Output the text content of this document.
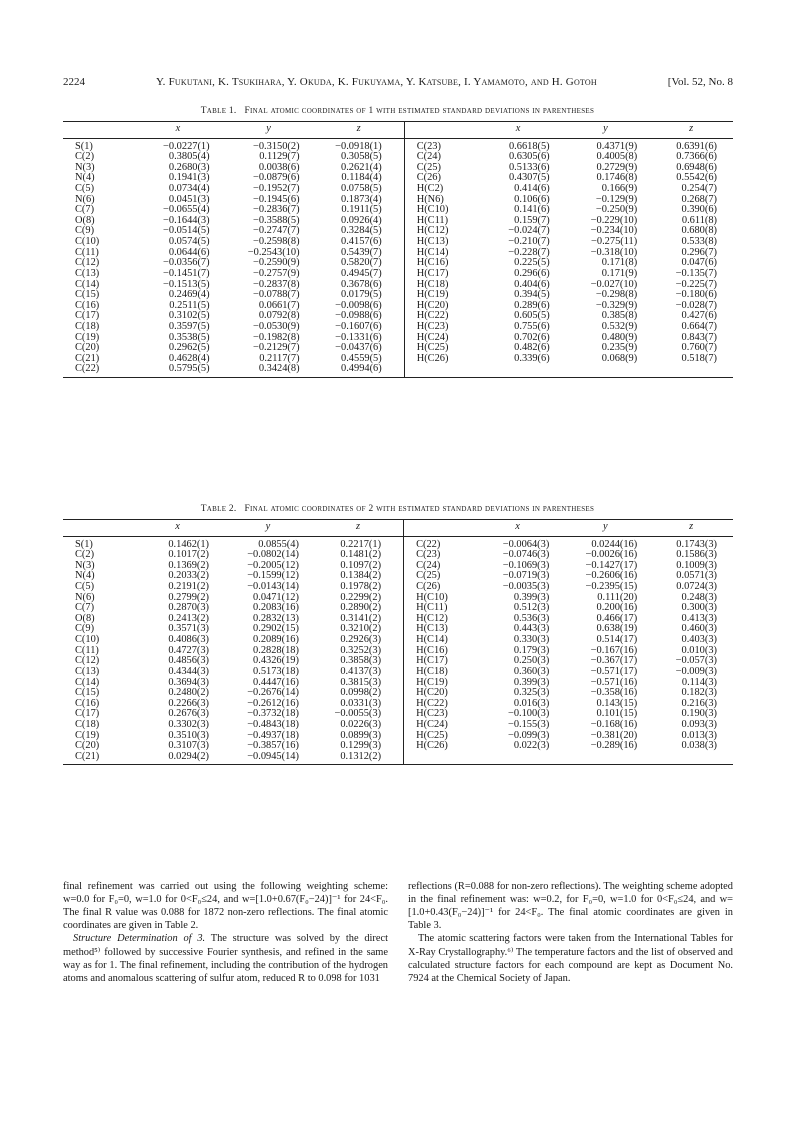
2224	Y. Fukutani, K. Tsukihara, Y. Okuda, K. Fukuyama, Y. Katsube, I. Yamamoto, and H. Gotoh	[Vol. 52, No. 8
Table 1. Final atomic coordinates of 1 with estimated standard deviations in parentheses
	x	y	z		x	y	z
S(1)	−0.0227(1)	−0.3150(2)	−0.0918(1)	C(23)	0.6618(5)	0.4371(9)	0.6391(6)
C(2)	0.3805(4)	0.1129(7)	0.3058(5)	C(24)	0.6305(6)	0.4005(8)	0.7366(6)
N(3)	0.2680(3)	0.0038(6)	0.2621(4)	C(25)	0.5133(6)	0.2729(9)	0.6948(6)
N(4)	0.1941(3)	−0.0879(6)	0.1184(4)	C(26)	0.4307(5)	0.1746(8)	0.5542(6)
C(5)	0.0734(4)	−0.1952(7)	0.0758(5)	H(C2)	0.414(6)	0.166(9)	0.254(7)
N(6)	0.0451(3)	−0.1945(6)	0.1873(4)	H(N6)	0.106(6)	−0.129(9)	0.268(7)
C(7)	−0.0655(4)	−0.2836(7)	0.1911(5)	H(C10)	0.141(6)	−0.250(9)	0.390(6)
O(8)	−0.1644(3)	−0.3588(5)	0.0926(4)	H(C11)	0.159(7)	−0.229(10)	0.611(8)
C(9)	−0.0514(5)	−0.2747(7)	0.3284(5)	H(C12)	−0.024(7)	−0.234(10)	0.680(8)
C(10)	0.0574(5)	−0.2598(8)	0.4157(6)	H(C13)	−0.210(7)	−0.275(11)	0.533(8)
C(11)	0.0644(6)	−0.2543(10)	0.5439(7)	H(C14)	−0.228(7)	−0.318(10)	0.296(7)
C(12)	−0.0356(7)	−0.2590(9)	0.5820(7)	H(C16)	0.225(5)	0.171(8)	0.047(6)
C(13)	−0.1451(7)	−0.2757(9)	0.4945(7)	H(C17)	0.296(6)	0.171(9)	−0.135(7)
C(14)	−0.1513(5)	−0.2837(8)	0.3678(6)	H(C18)	0.404(6)	−0.027(10)	−0.225(7)
C(15)	0.2469(4)	−0.0788(7)	0.0179(5)	H(C19)	0.394(5)	−0.298(8)	−0.180(6)
C(16)	0.2511(5)	0.0661(7)	−0.0098(6)	H(C20)	0.289(6)	−0.329(9)	−0.028(7)
C(17)	0.3102(5)	0.0792(8)	−0.0988(6)	H(C22)	0.605(5)	0.385(8)	0.427(6)
C(18)	0.3597(5)	−0.0530(9)	−0.1607(6)	H(C23)	0.755(6)	0.532(9)	0.664(7)
C(19)	0.3538(5)	−0.1982(8)	−0.1331(6)	H(C24)	0.702(6)	0.480(9)	0.843(7)
C(20)	0.2962(5)	−0.2129(7)	−0.0437(6)	H(C25)	0.482(6)	0.235(9)	0.760(7)
C(21)	0.4628(4)	0.2117(7)	0.4559(5)	H(C26)	0.339(6)	0.068(9)	0.518(7)
C(22)	0.5795(5)	0.3424(8)	0.4994(6)				
Table 2. Final atomic coordinates of 2 with estimated standard deviations in parentheses
	x	y	z		x	y	z
S(1)	0.1462(1)	0.0855(4)	0.2217(1)	C(22)	−0.0064(3)	0.0244(16)	0.1743(3)
C(2)	0.1017(2)	−0.0802(14)	0.1481(2)	C(23)	−0.0746(3)	−0.0026(16)	0.1586(3)
N(3)	0.1369(2)	−0.2005(12)	0.1097(2)	C(24)	−0.1069(3)	−0.1427(17)	0.1009(3)
N(4)	0.2033(2)	−0.1599(12)	0.1384(2)	C(25)	−0.0719(3)	−0.2606(16)	0.0571(3)
C(5)	0.2191(2)	−0.0143(14)	0.1978(2)	C(26)	−0.0035(3)	−0.2395(15)	0.0724(3)
N(6)	0.2799(2)	0.0471(12)	0.2299(2)	H(C10)	0.399(3)	0.111(20)	0.248(3)
C(7)	0.2870(3)	0.2083(16)	0.2890(2)	H(C11)	0.512(3)	0.200(16)	0.300(3)
O(8)	0.2413(2)	0.2832(13)	0.3141(2)	H(C12)	0.536(3)	0.466(17)	0.413(3)
C(9)	0.3571(3)	0.2902(15)	0.3210(2)	H(C13)	0.443(3)	0.638(19)	0.460(3)
C(10)	0.4086(3)	0.2089(16)	0.2926(3)	H(C14)	0.330(3)	0.514(17)	0.403(3)
C(11)	0.4727(3)	0.2828(18)	0.3252(3)	H(C16)	0.179(3)	−0.167(16)	0.010(3)
C(12)	0.4856(3)	0.4326(19)	0.3858(3)	H(C17)	0.250(3)	−0.367(17)	−0.057(3)
C(13)	0.4344(3)	0.5173(18)	0.4137(3)	H(C18)	0.360(3)	−0.571(17)	−0.009(3)
C(14)	0.3694(3)	0.4447(16)	0.3815(3)	H(C19)	0.399(3)	−0.571(16)	0.114(3)
C(15)	0.2480(2)	−0.2676(14)	0.0998(2)	H(C20)	0.325(3)	−0.358(16)	0.182(3)
C(16)	0.2266(3)	−0.2612(16)	0.0331(3)	H(C22)	0.016(3)	0.143(15)	0.216(3)
C(17)	0.2676(3)	−0.3732(18)	−0.0055(3)	H(C23)	−0.100(3)	0.101(15)	0.190(3)
C(18)	0.3302(3)	−0.4843(18)	0.0226(3)	H(C24)	−0.155(3)	−0.168(16)	0.093(3)
C(19)	0.3510(3)	−0.4937(18)	0.0899(3)	H(C25)	−0.099(3)	−0.381(20)	0.013(3)
C(20)	0.3107(3)	−0.3857(16)	0.1299(3)	H(C26)	0.022(3)	−0.289(16)	0.038(3)
C(21)	0.0294(2)	−0.0945(14)	0.1312(2)				

final refinement was carried out using the following weighting scheme: w=0.0 for F₀=0, w=1.0 for 0<F₀≤24, and w=[1.0+0.67(F₀−24)]⁻¹ for 24<F₀. The final R value was 0.088 for 1872 non-zero reflections. The final atomic coordinates are given in Table 2.

Structure Determination of 3. The structure was solved by the direct method⁵⁾ followed by successive Fourier synthesis, and refined in the same way as for 1. The final refinement, including the contribution of the hydrogen atoms and anomalous scattering of sulfur atom, reduced R to 0.098 for 1031

reflections (R=0.088 for non-zero reflections). The weighting scheme adopted in the final refinement was: w=0.2, for F₀=0, w=1.0 for 0<F₀≤24, and w=[1.0+0.43(F₀−24)]⁻¹ for 24<F₀. The final atomic coordinates are given in Table 3.

The atomic scattering factors were taken from the International Tables for X-Ray Crystallography.⁶⁾ The temperature factors and the list of observed and calculated structure factors for each compound are kept as Document No. 7924 at the Chemical Society of Japan.
